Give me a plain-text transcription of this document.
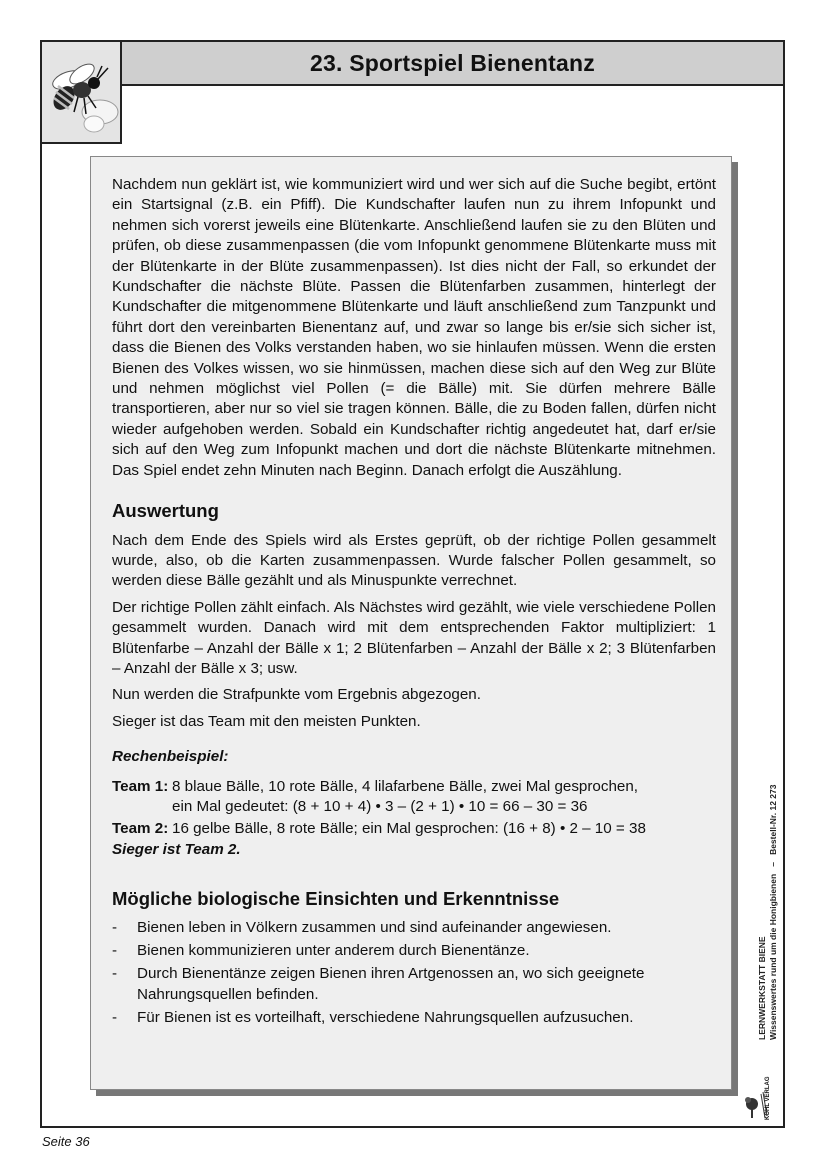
23. Sportspiel Bienentanz

Nachdem nun geklärt ist, wie kommuniziert wird und wer sich auf die Suche begibt, ertönt ein Startsignal (z.B. ein Pfiff). Die Kundschafter laufen nun zu ihrem Infopunkt und nehmen sich vorerst jeweils eine Blütenkarte. Anschließend laufen sie zu den Blüten und prüfen, ob diese zusammenpassen (die vom Infopunkt genommene Blütenkarte muss mit der Blütenkarte in der Blüte zusammenpassen). Ist dies nicht der Fall, so erkundet der Kundschafter die nächste Blüte. Passen die Blütenfarben zusammen, hinterlegt der Kundschafter die mitgenommene Blütenkarte und läuft anschließend zum Tanzpunkt und führt dort den vereinbarten Bienentanz auf, und zwar so lange bis er/sie sich sicher ist, dass die Bienen des Volks verstanden haben, wo sie hinlaufen müssen. Wenn die ersten Bienen des Volkes wissen, wo sie hinmüssen, machen diese sich auf den Weg zur Blüte und nehmen möglichst viel Pollen (= die Bälle) mit. Sie dürfen mehrere Bälle transportieren, aber nur so viel sie tragen können. Bälle, die zu Boden fallen, dürfen nicht wieder aufgehoben werden. Sobald ein Kundschafter richtig angedeutet hat, darf er/sie sich auf den Weg zum Infopunkt machen und dort die nächste Blütenkarte mitnehmen. Das Spiel endet zehn Minuten nach Beginn. Danach erfolgt die Auszählung.

Auswertung

Nach dem Ende des Spiels wird als Erstes geprüft, ob der richtige Pollen gesammelt wurde, also, ob die Karten zusammenpassen. Wurde falscher Pollen gesammelt, so werden diese Bälle gezählt und als Minuspunkte verrechnet.

Der richtige Pollen zählt einfach. Als Nächstes wird gezählt, wie viele verschiedene Pollen gesammelt wurden. Danach wird mit dem entsprechenden Faktor multipliziert: 1 Blütenfarbe – Anzahl der Bälle x 1; 2 Blütenfarben – Anzahl der Bälle x 2; 3 Blütenfarben – Anzahl der Bälle x 3; usw.

Nun werden die Strafpunkte vom Ergebnis abgezogen.

Sieger ist das Team mit den meisten Punkten.

Rechenbeispiel:

Team 1: 8 blaue Bälle, 10 rote Bälle, 4 lilafarbene Bälle, zwei Mal gesprochen,
ein Mal gedeutet: (8 + 10 + 4) • 3 – (2 + 1) • 10 = 66 – 30 = 36
Team 2: 16 gelbe Bälle, 8 rote Bälle; ein Mal gesprochen: (16 + 8) • 2 – 10 = 38

Sieger ist Team 2.

Mögliche biologische Einsichten und Erkenntnisse
-	Bienen leben in Völkern zusammen und sind aufeinander angewiesen.
-	Bienen kommunizieren unter anderem durch Bienentänze.
-	Durch Bienentänze zeigen Bienen ihren Artgenossen an, wo sich geeignete Nahrungsquellen befinden.
-	Für Bienen ist es vorteilhaft, verschiedene Nahrungsquellen aufzusuchen.	LERNWERKSTATT BIENE Wissenswertes rund um die Honigbienen   –   Bestell-Nr. 12 273
KOHL VERLAG
Seite 36
